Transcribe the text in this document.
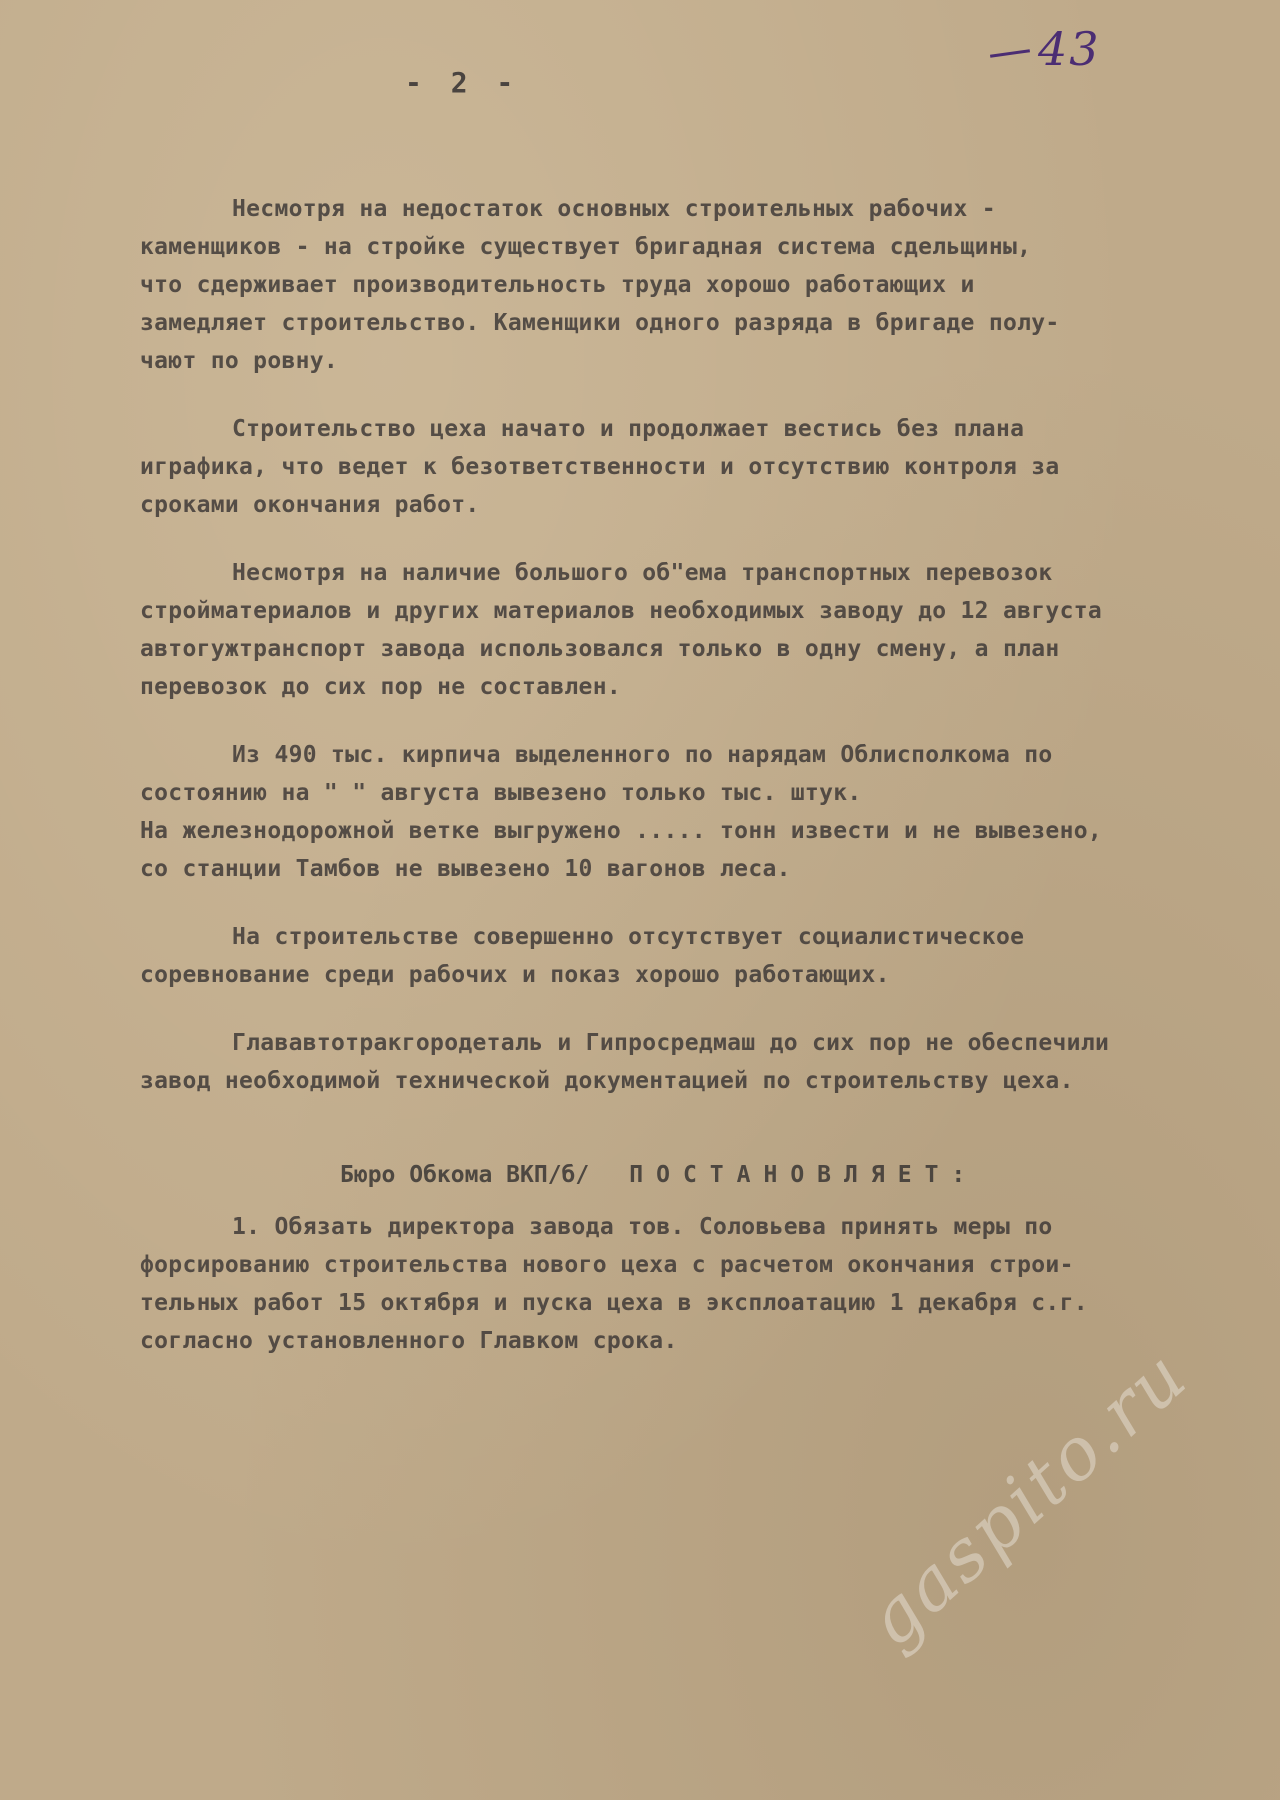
- 2 -
43

Несмотря на недостаток основных строительных рабочих -
каменщиков - на стройке существует бригадная система сдельщины,
что сдерживает производительность труда хорошо работающих и
замедляет строительство. Каменщики одного разряда в бригаде полу-
чают по ровну.

Строительство цеха начато и продолжает вестись без плана
играфика, что ведет к безответственности и отсутствию контроля за
сроками окончания работ.

Несмотря на наличие большого об"ема транспортных перевозок
стройматериалов и других материалов необходимых заводу до 12 августа
автогужтранспорт завода использовался только в одну смену, а план
перевозок до сих пор не составлен.

Из 490 тыс. кирпича выделенного по нарядам Облисполкома по
состоянию на " " августа вывезено только тыс. штук.
На железнодорожной ветке выгружено ..... тонн извести и не вывезено,
со станции Тамбов не вывезено 10 вагонов леса.

На строительстве совершенно отсутствует социалистическое
соревнование среди рабочих и показ хорошо работающих.

Глававтотракгородеталь и Гипросредмаш до сих пор не обеспечили
завод необходимой технической документацией по строительству цеха.

Бюро Обкома ВКП/б/ ПОСТАНОВЛЯЕТ:

1. Обязать директора завода тов. Соловьева принять меры по
форсированию строительства нового цеха с расчетом окончания строи-
тельных работ 15 октября и пуска цеха в эксплоатацию 1 декабря с.г.
согласно установленного Главком срока.	gaspito.ru
